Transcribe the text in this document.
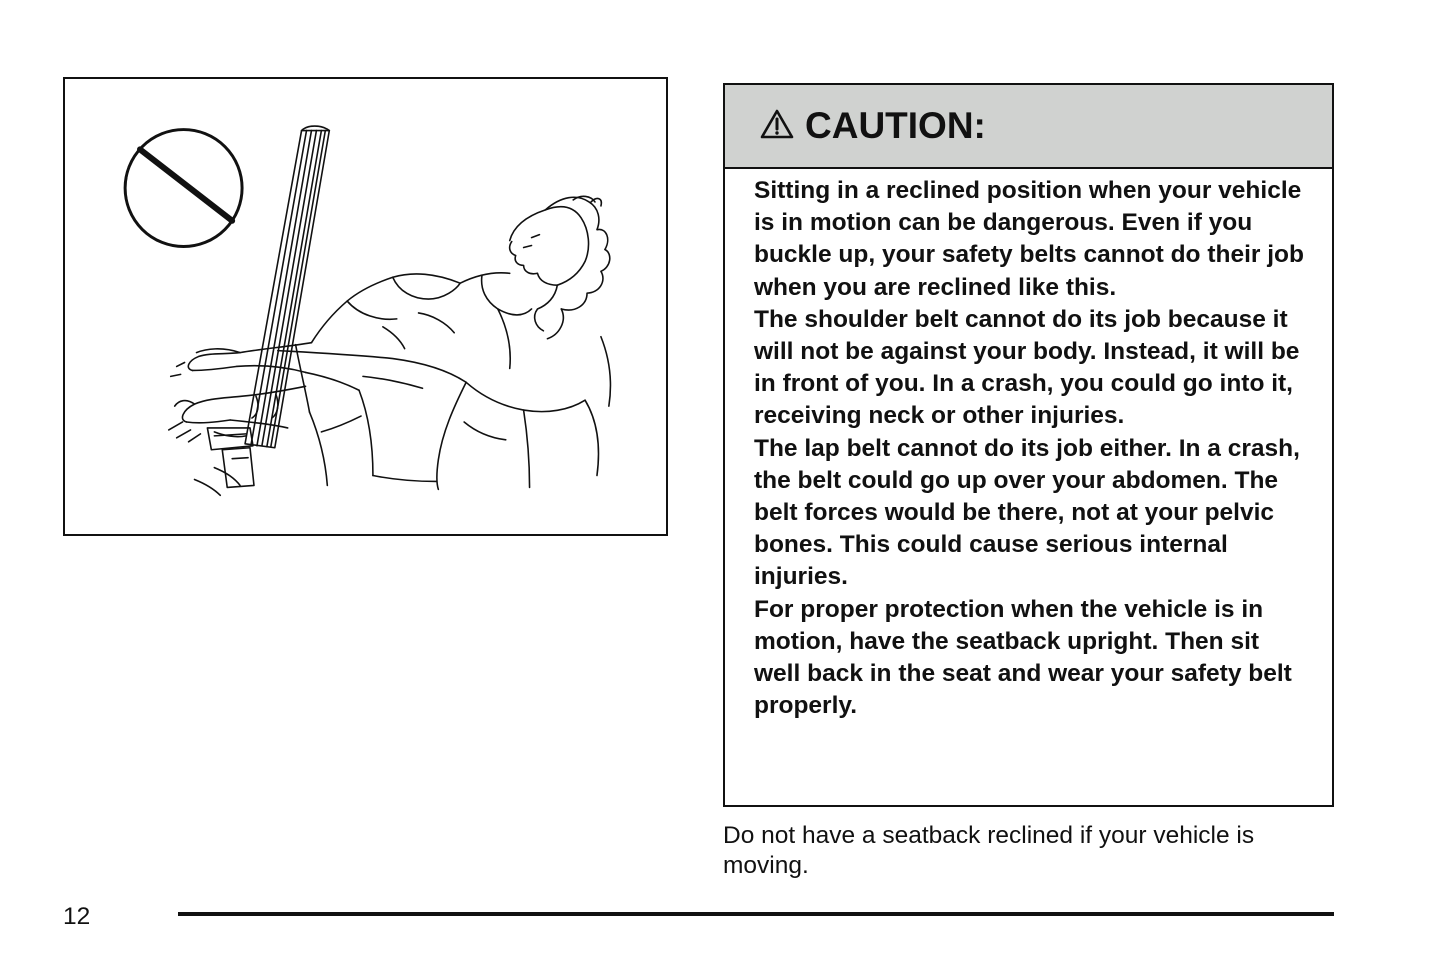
CAUTION:

Sitting in a reclined position when your vehicle is in motion can be dangerous. Even if you buckle up, your safety belts cannot do their job when you are reclined like this.

The shoulder belt cannot do its job because it will not be against your body. Instead, it will be in front of you. In a crash, you could go into it, receiving neck or other injuries.

The lap belt cannot do its job either. In a crash, the belt could go up over your abdomen. The belt forces would be there, not at your pelvic bones. This could cause serious internal injuries.

For proper protection when the vehicle is in motion, have the seatback upright. Then sit well back in the seat and wear your safety belt properly.

Do not have a seatback reclined if your vehicle is moving.

12
